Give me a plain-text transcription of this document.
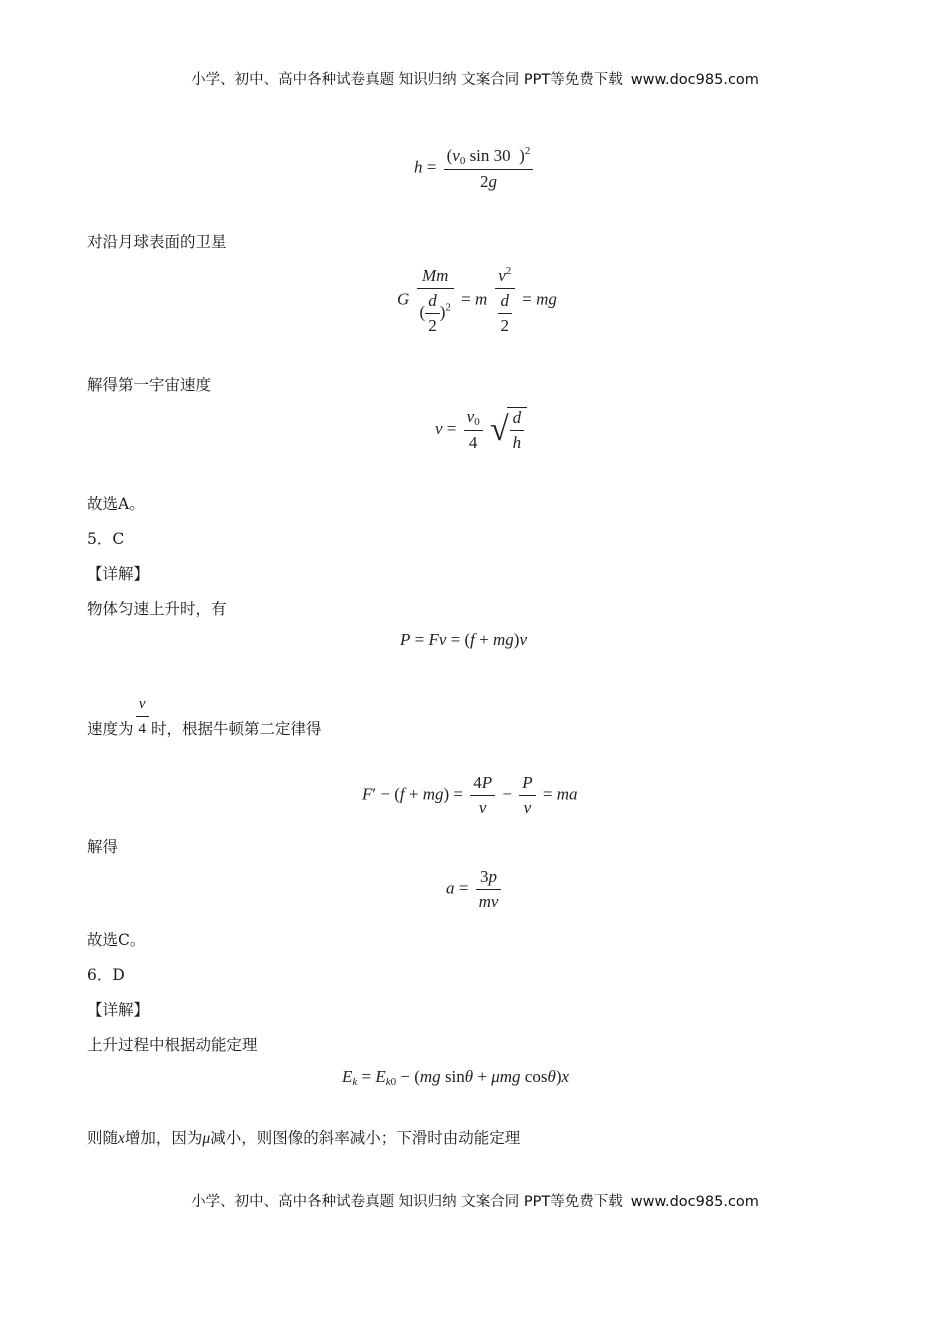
小学、初中、高中各种试卷真题 知识归纳 文案合同 PPT等免费下载 www.doc985.com
$h = \frac{(v_0 \sin 30 )^2}{2g}$
对沿月球表面的卫星
G $\frac{Mm}{( \frac{d}{2} )^2} = m \frac{v^2}{\frac{d}{2}}$ = mg
解得第一宇宙速度
$v = \frac{v_0}{4}$ √ $\frac{d}{h}$
故选A。
5．C
【详解】
物体匀速上升时，有
P = Fv = (f + mg)v
速度为 $\frac{v}{4}$ 时，根据牛顿第二定律得
$F' - (f + mg) = \frac{4P}{v} - \frac{P}{v}$ = ma
解得
$a = \frac{3p}{mv}$
故选C。
6．D
【详解】
上升过程中根据动能定理
$E_k = E_{k0} - (mg$ sinθ + μmg cosθ)x
则随x增加，因为μ减小，则图像的斜率减小；下滑时由动能定理
小学、初中、高中各种试卷真题 知识归纳 文案合同 PPT等免费下载 www.doc985.com
